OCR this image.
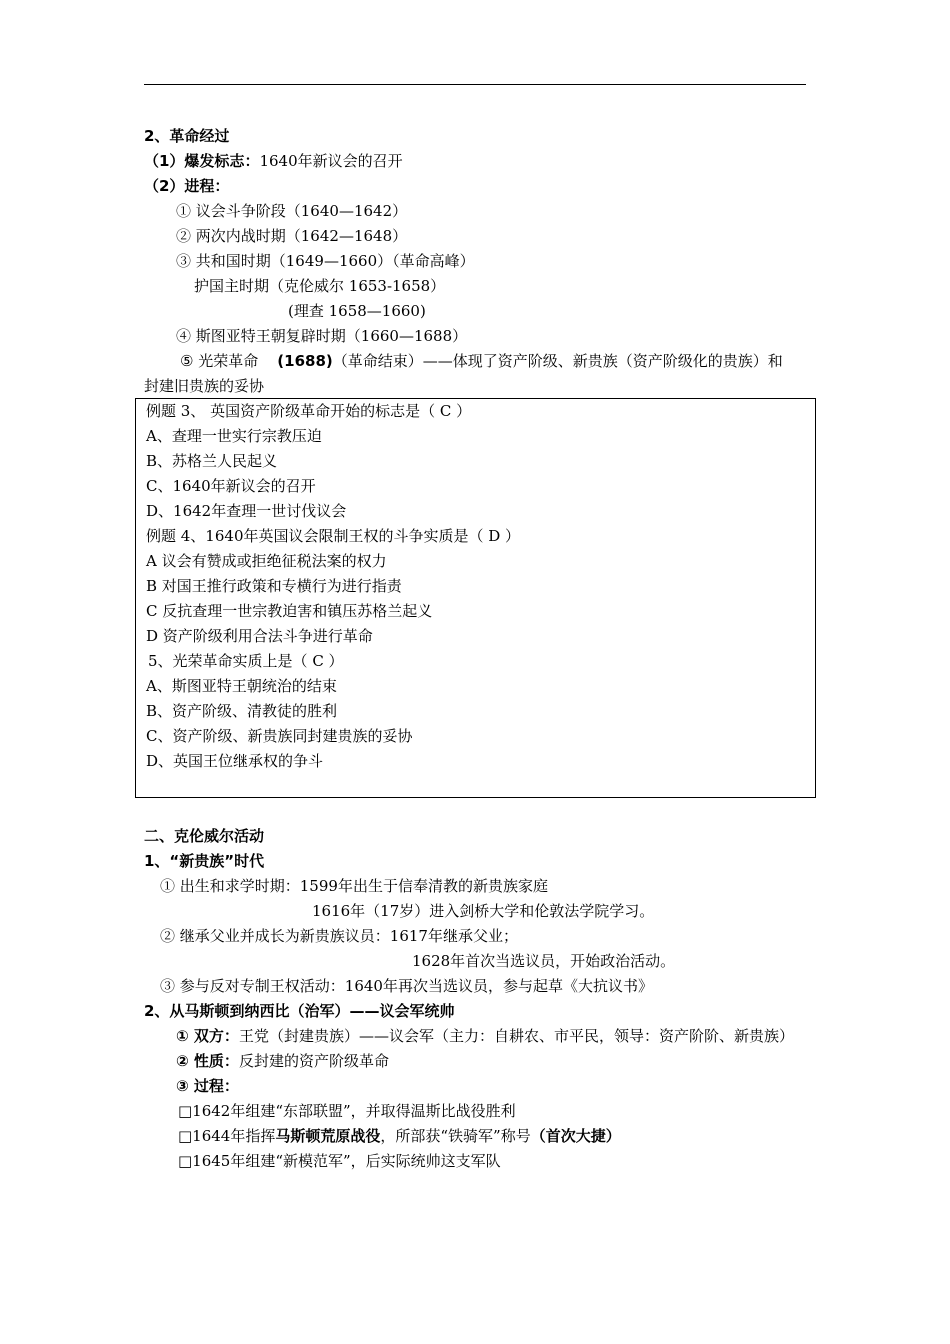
2、革命经过
（1）爆发标志：1640年新议会的召开
（2）进程：
① 议会斗争阶段（1640—1642）
② 两次内战时期（1642—1648）
③ 共和国时期（1649—1660）（革命高峰）
护国主时期（克伦威尔 1653-1658）
(理查 1658—1660)
④ 斯图亚特王朝复辟时期（1660—1688）
⑤ 光荣革命 (1688)（革命结束）——体现了资产阶级、新贵族（资产阶级化的贵族）和
封建旧贵族的妥协
例题 3、 英国资产阶级革命开始的标志是（ C ）
A、查理一世实行宗教压迫
B、苏格兰人民起义
C、1640年新议会的召开
D、1642年查理一世讨伐议会
例题 4、1640年英国议会限制王权的斗争实质是（ D ）
A 议会有赞成或拒绝征税法案的权力
B 对国王推行政策和专横行为进行指责
C 反抗查理一世宗教迫害和镇压苏格兰起义
D 资产阶级利用合法斗争进行革命
5、光荣革命实质上是（ C ）
A、斯图亚特王朝统治的结束
B、资产阶级、清教徒的胜利
C、资产阶级、新贵族同封建贵族的妥协
D、英国王位继承权的争斗
二、克伦威尔活动
1、“新贵族”时代
① 出生和求学时期：1599年出生于信奉清教的新贵族家庭
1616年（17岁）进入剑桥大学和伦敦法学院学习。
② 继承父业并成长为新贵族议员：1617年继承父业；
1628年首次当选议员，开始政治活动。
③ 参与反对专制王权活动：1640年再次当选议员，参与起草《大抗议书》
2、从马斯顿到纳西比（治军）——议会军统帅
① 双方：王党（封建贵族）——议会军（主力：自耕农、市平民，领导：资产阶阶、新贵族）
② 性质：反封建的资产阶级革命
③ 过程：
□1642年组建“东部联盟”，并取得温斯比战役胜利
□1644年指挥马斯顿荒原战役，所部获“铁骑军”称号（首次大捷）
□1645年组建“新模范军”，后实际统帅这支军队
